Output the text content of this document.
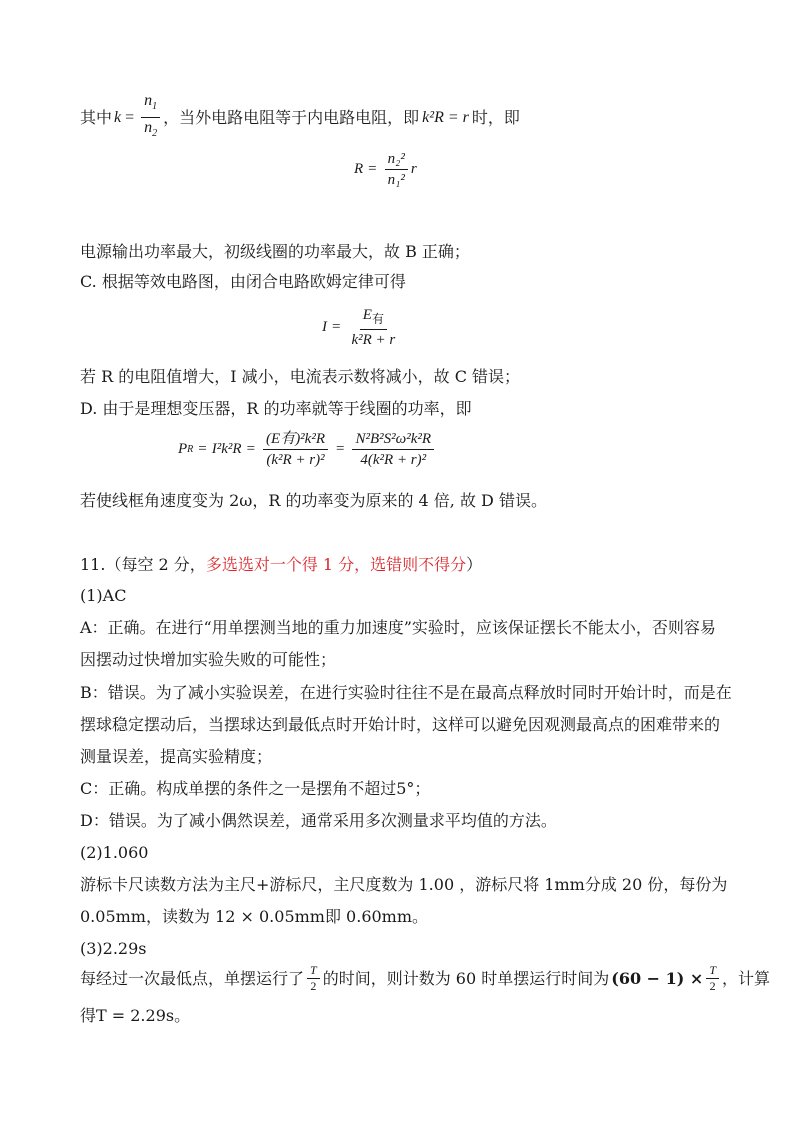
其中 $k = \frac{n_1}{n_2}$ ，当外电路电阻等于内电路电阻，即 k²R = r 时，即
$R = \frac{\text{n₂²}}{\text{n₁²}}$ r
电源输出功率最大，初级线圈的功率最大，故 B 正确；
C. 根据等效电路图，由闭合电路欧姆定律可得
$I = \frac{E_有}{\text{k²R + r}}$
若 R 的电阻值增大，I 减小，电流表示数将减小，故 C 错误；
D. 由于是理想变压器，R 的功率就等于线圈的功率，即
P $R = I^2k^2R = \frac{\text{(E有)²k²R}}{\text{(k²R + r)²}} = \frac{\text{N²B²S²ω²k²R}}{\text{4(k²R + r)²}}$
若使线框角速度变为 2ω，R 的功率变为原来的 4 倍, 故 D 错误。
11.（每空 2 分，多选选对一个得 1 分，选错则不得分）
(1)AC
A：正确。在进行“用单摆测当地的重力加速度”实验时，应该保证摆长不能太小，否则容易
因摆动过快增加实验失败的可能性；
B：错误。为了减小实验误差，在进行实验时往往不是在最高点释放时同时开始计时，而是在
摆球稳定摆动后，当摆球达到最低点时开始计时，这样可以避免因观测最高点的困难带来的
测量误差，提高实验精度；
C：正确。构成单摆的条件之一是摆角不超过5°；
D：错误。为了减小偶然误差，通常采用多次测量求平均值的方法。
(2)1.060
游标卡尺读数方法为主尺+游标尺，主尺度数为 1.00 ，游标尺将 1mm分成 20 份，每份为
0.05mm，读数为 12 × 0.05mm即 0.60mm。
(3)2.29s
每经过一次最低点，单摆运行了 $\frac{T}{2}$ 的时间，则计数为 60 时单摆运行时间为 $(60 - 1) \times \frac{T}{2}$ ，计算
得T = 2.29s。
